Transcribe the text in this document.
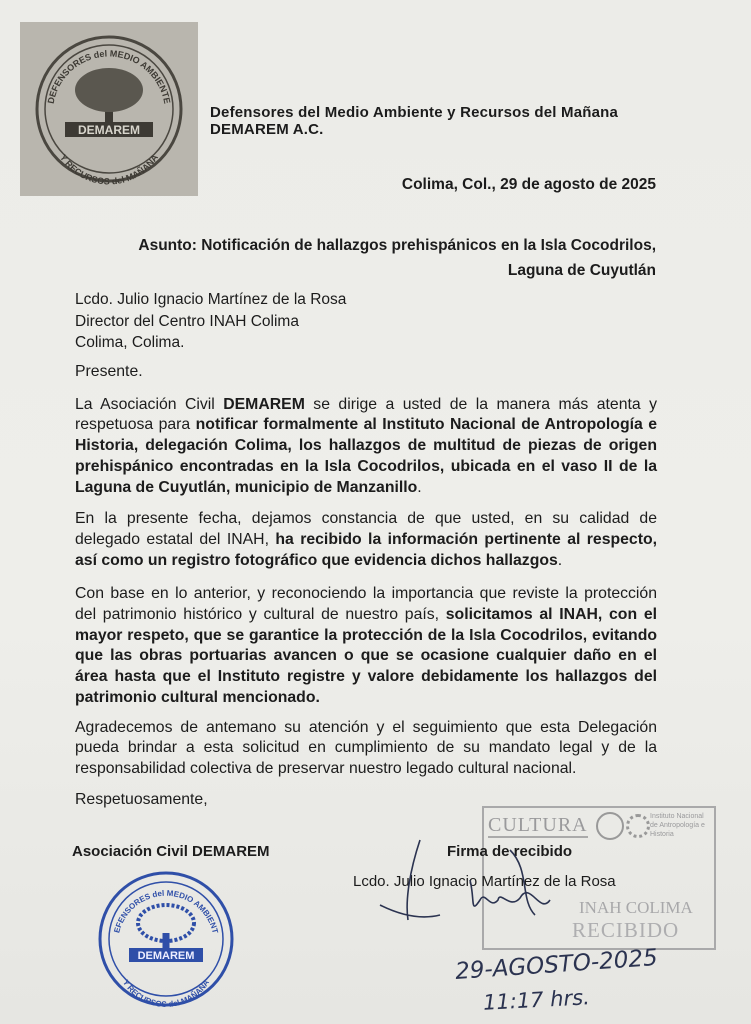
DEMAREM
DEFENSORES del MEDIO AMBIENTE
Y RECURSOS del MAÑANA
Defensores del Medio Ambiente y Recursos del Mañana
DEMAREM A.C.
Colima, Col., 29 de agosto de 2025
Asunto: Notificación de hallazgos prehispánicos en la Isla Cocodrilos,
Laguna de Cuyutlán
Lcdo. Julio Ignacio Martínez de la Rosa
Director del Centro INAH Colima
Colima, Colima.

Presente.

La Asociación Civil DEMAREM se dirige a usted de la manera más atenta y respetuosa para notificar formalmente al Instituto Nacional de Antropología e Historia, delegación Colima, los hallazgos de multitud de piezas de origen prehispánico encontradas en la Isla Cocodrilos, ubicada en el vaso II de la Laguna de Cuyutlán, municipio de Manzanillo.

En la presente fecha, dejamos constancia de que usted, en su calidad de delegado estatal del INAH, ha recibido la información pertinente al respecto, así como un registro fotográfico que evidencia dichos hallazgos.

Con base en lo anterior, y reconociendo la importancia que reviste la protección del patrimonio histórico y cultural de nuestro país, solicitamos al INAH, con el mayor respeto, que se garantice la protección de la Isla Cocodrilos, evitando que las obras portuarias avancen o que se ocasione cualquier daño en el área hasta que el Instituto registre y valore debidamente los hallazgos del patrimonio cultural mencionado.

Agradecemos de antemano su atención y el seguimiento que esta Delegación pueda brindar a esta solicitud en cumplimiento de su mandato legal y de la responsabilidad colectiva de preservar nuestro legado cultural nacional.

Respetuosamente,

CULTURA	Instituto Nacional de Antropología e Historia
INAH COLIMA
RECIBIDO
Asociación Civil DEMAREM	Firma de recibido
Lcdo. Julio Ignacio Martínez de la Rosa
DEMAREM
EFENSORES del MEDIO AMBIENT
Y RECURSOS del MAÑANA	29-AGOSTO-2025
11:17 hrs.
